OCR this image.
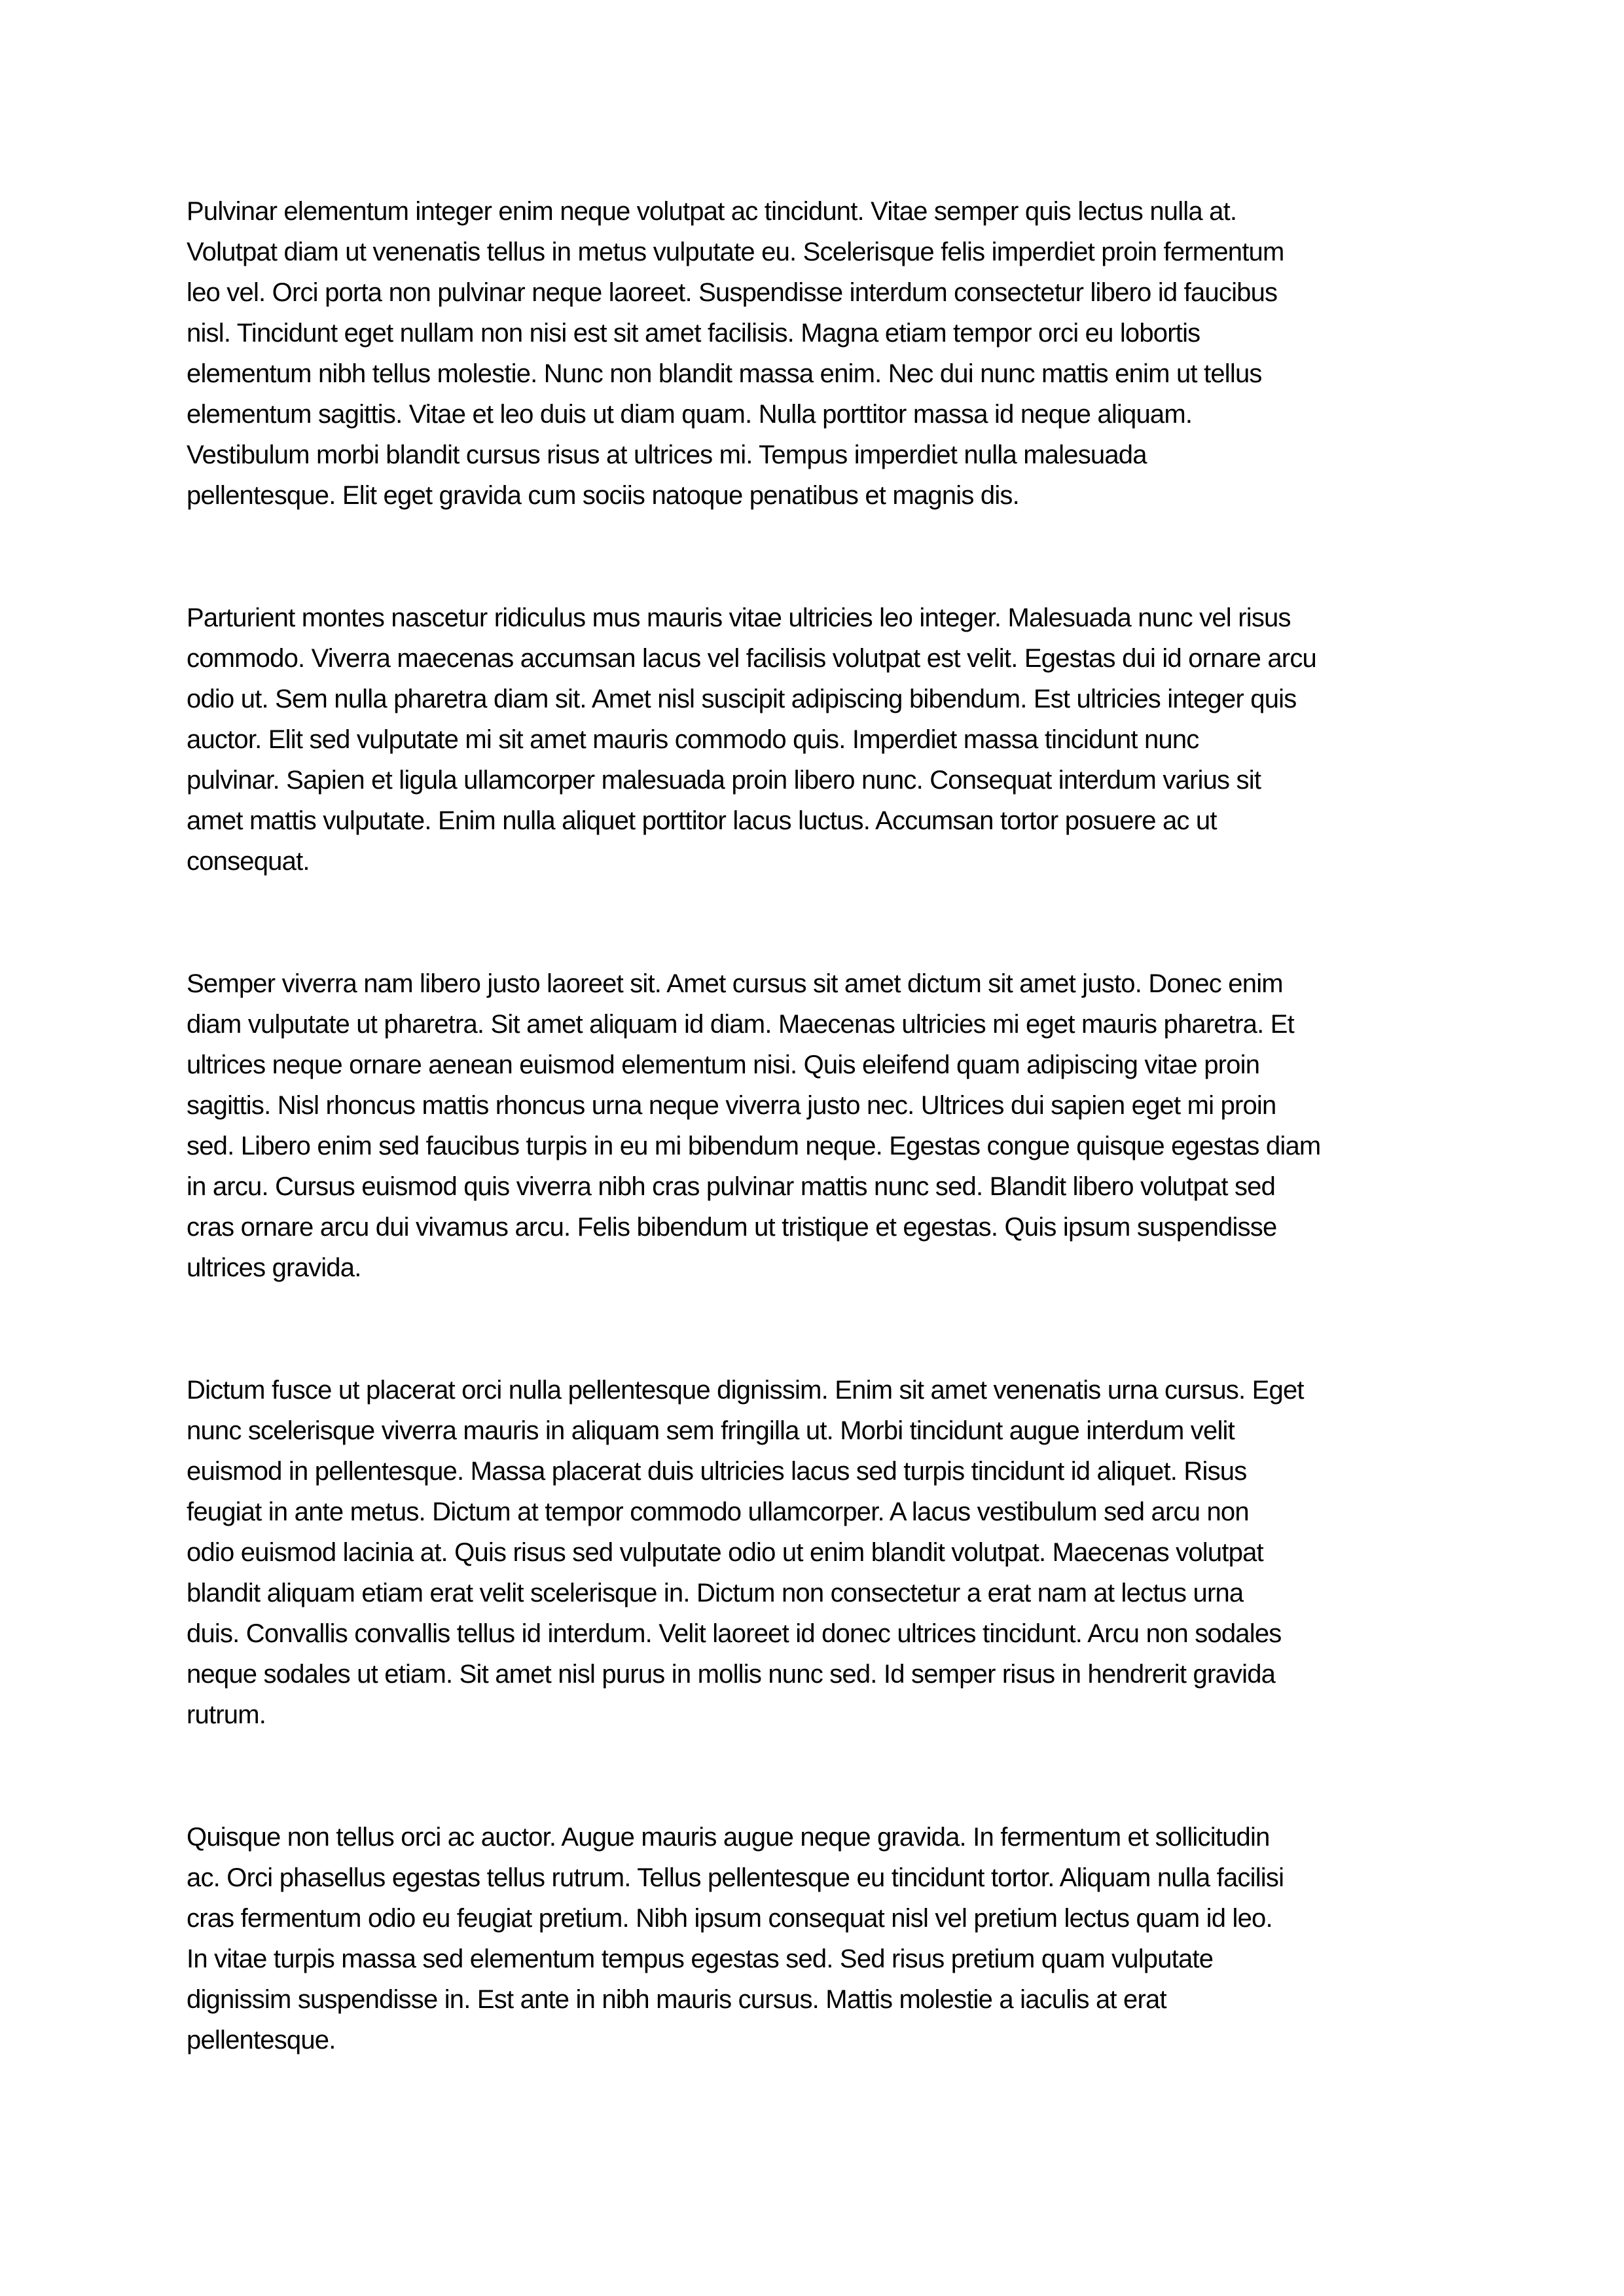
Pulvinar elementum integer enim neque volutpat ac tincidunt. Vitae semper quis lectus nulla at.
Volutpat diam ut venenatis tellus in metus vulputate eu. Scelerisque felis imperdiet proin fermentum
leo vel. Orci porta non pulvinar neque laoreet. Suspendisse interdum consectetur libero id faucibus
nisl. Tincidunt eget nullam non nisi est sit amet facilisis. Magna etiam tempor orci eu lobortis
elementum nibh tellus molestie. Nunc non blandit massa enim. Nec dui nunc mattis enim ut tellus
elementum sagittis. Vitae et leo duis ut diam quam. Nulla porttitor massa id neque aliquam.
Vestibulum morbi blandit cursus risus at ultrices mi. Tempus imperdiet nulla malesuada
pellentesque. Elit eget gravida cum sociis natoque penatibus et magnis dis.

Parturient montes nascetur ridiculus mus mauris vitae ultricies leo integer. Malesuada nunc vel risus
commodo. Viverra maecenas accumsan lacus vel facilisis volutpat est velit. Egestas dui id ornare arcu
odio ut. Sem nulla pharetra diam sit. Amet nisl suscipit adipiscing bibendum. Est ultricies integer quis
auctor. Elit sed vulputate mi sit amet mauris commodo quis. Imperdiet massa tincidunt nunc
pulvinar. Sapien et ligula ullamcorper malesuada proin libero nunc. Consequat interdum varius sit
amet mattis vulputate. Enim nulla aliquet porttitor lacus luctus. Accumsan tortor posuere ac ut
consequat.

Semper viverra nam libero justo laoreet sit. Amet cursus sit amet dictum sit amet justo. Donec enim
diam vulputate ut pharetra. Sit amet aliquam id diam. Maecenas ultricies mi eget mauris pharetra. Et
ultrices neque ornare aenean euismod elementum nisi. Quis eleifend quam adipiscing vitae proin
sagittis. Nisl rhoncus mattis rhoncus urna neque viverra justo nec. Ultrices dui sapien eget mi proin
sed. Libero enim sed faucibus turpis in eu mi bibendum neque. Egestas congue quisque egestas diam
in arcu. Cursus euismod quis viverra nibh cras pulvinar mattis nunc sed. Blandit libero volutpat sed
cras ornare arcu dui vivamus arcu. Felis bibendum ut tristique et egestas. Quis ipsum suspendisse
ultrices gravida.

Dictum fusce ut placerat orci nulla pellentesque dignissim. Enim sit amet venenatis urna cursus. Eget
nunc scelerisque viverra mauris in aliquam sem fringilla ut. Morbi tincidunt augue interdum velit
euismod in pellentesque. Massa placerat duis ultricies lacus sed turpis tincidunt id aliquet. Risus
feugiat in ante metus. Dictum at tempor commodo ullamcorper. A lacus vestibulum sed arcu non
odio euismod lacinia at. Quis risus sed vulputate odio ut enim blandit volutpat. Maecenas volutpat
blandit aliquam etiam erat velit scelerisque in. Dictum non consectetur a erat nam at lectus urna
duis. Convallis convallis tellus id interdum. Velit laoreet id donec ultrices tincidunt. Arcu non sodales
neque sodales ut etiam. Sit amet nisl purus in mollis nunc sed. Id semper risus in hendrerit gravida
rutrum.

Quisque non tellus orci ac auctor. Augue mauris augue neque gravida. In fermentum et sollicitudin
ac. Orci phasellus egestas tellus rutrum. Tellus pellentesque eu tincidunt tortor. Aliquam nulla facilisi
cras fermentum odio eu feugiat pretium. Nibh ipsum consequat nisl vel pretium lectus quam id leo.
In vitae turpis massa sed elementum tempus egestas sed. Sed risus pretium quam vulputate
dignissim suspendisse in. Est ante in nibh mauris cursus. Mattis molestie a iaculis at erat
pellentesque.
